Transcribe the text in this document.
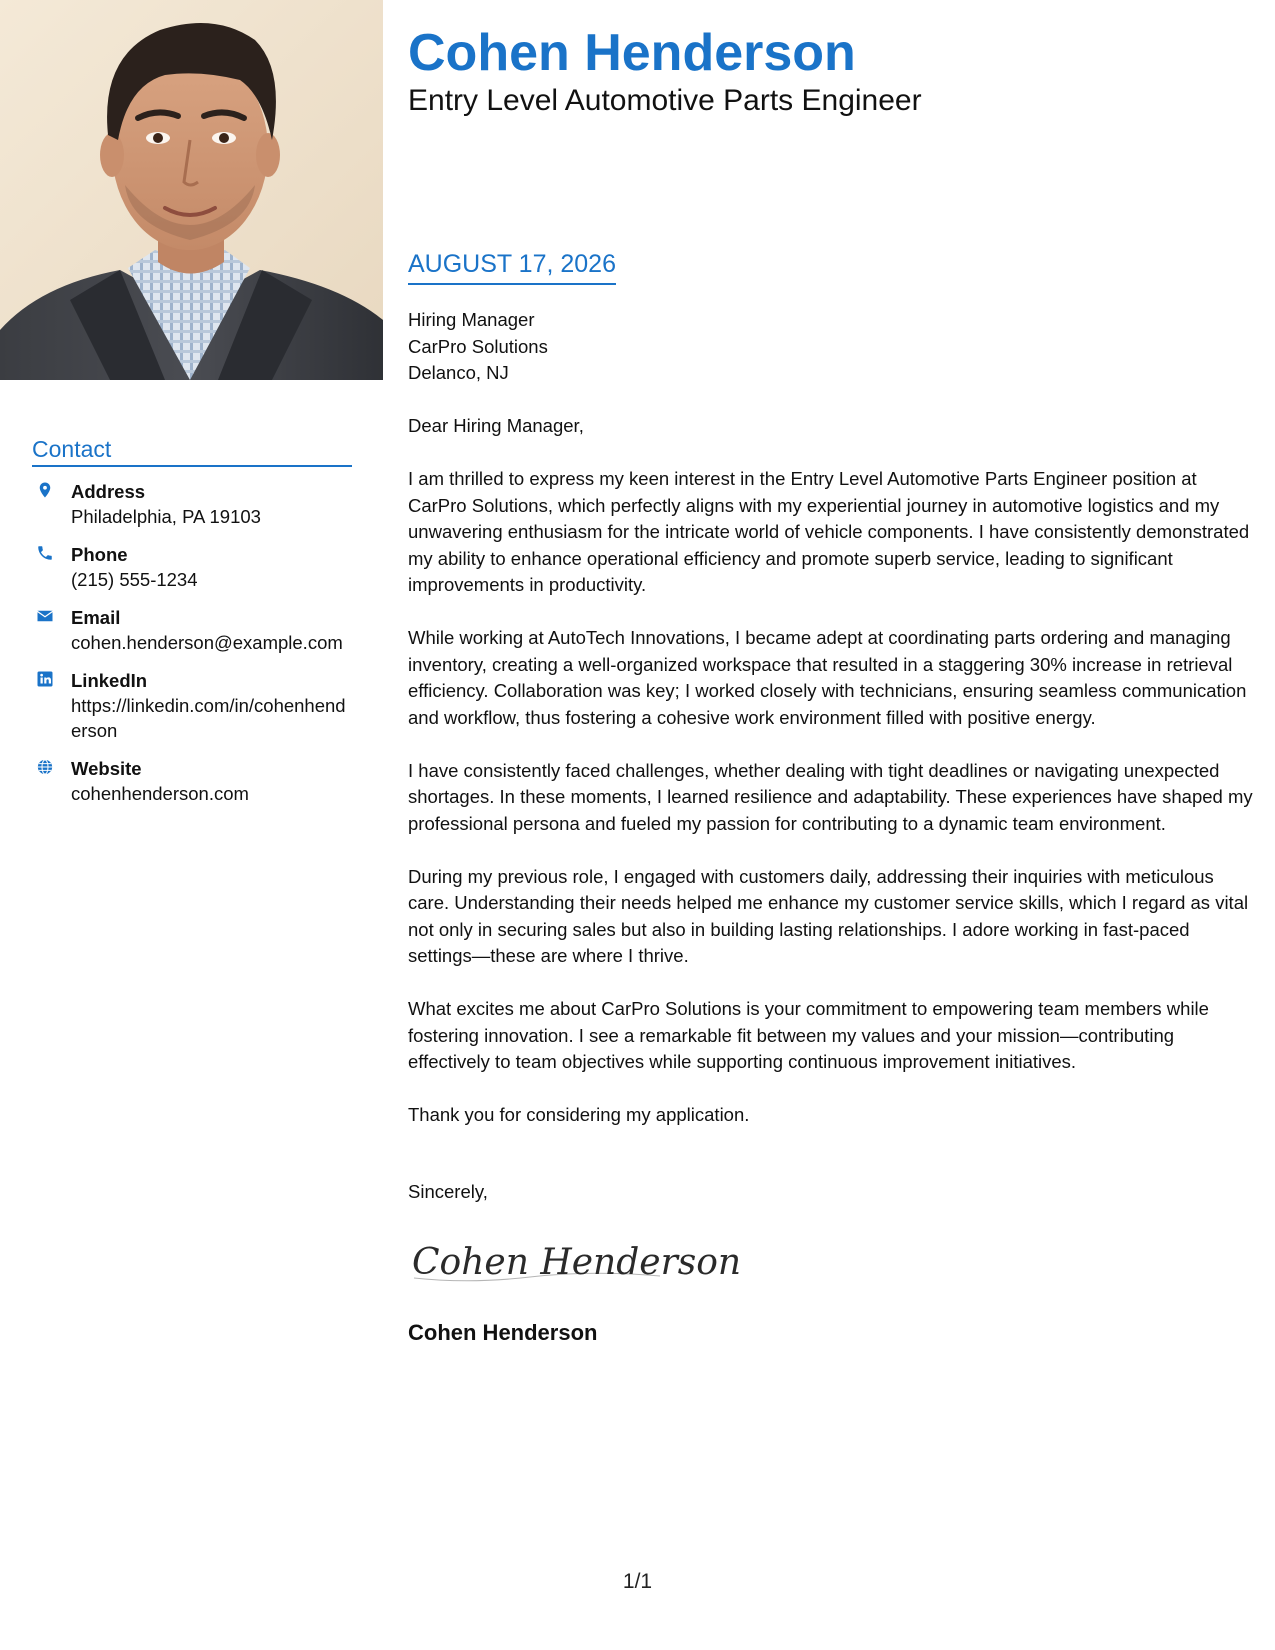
Contact
Address
Philadelphia, PA 19103
Phone
(215) 555-1234
Email
cohen.henderson@example.com
LinkedIn
https://linkedin.com/in/cohenhenderson
Website
cohenhenderson.com
Cohen Henderson
Entry Level Automotive Parts Engineer
AUGUST 17, 2026
Hiring Manager
CarPro Solutions
Delanco, NJ

Dear Hiring Manager,

I am thrilled to express my keen interest in the Entry Level Automotive Parts Engineer position at CarPro Solutions, which perfectly aligns with my experiential journey in automotive logistics and my unwavering enthusiasm for the intricate world of vehicle components. I have consistently demonstrated my ability to enhance operational efficiency and promote superb service, leading to significant improvements in productivity.

While working at AutoTech Innovations, I became adept at coordinating parts ordering and managing inventory, creating a well-organized workspace that resulted in a staggering 30% increase in retrieval efficiency. Collaboration was key; I worked closely with technicians, ensuring seamless communication and workflow, thus fostering a cohesive work environment filled with positive energy.

I have consistently faced challenges, whether dealing with tight deadlines or navigating unexpected shortages. In these moments, I learned resilience and adaptability. These experiences have shaped my professional persona and fueled my passion for contributing to a dynamic team environment.

During my previous role, I engaged with customers daily, addressing their inquiries with meticulous care. Understanding their needs helped me enhance my customer service skills, which I regard as vital not only in securing sales but also in building lasting relationships. I adore working in fast-paced settings—these are where I thrive.

What excites me about CarPro Solutions is your commitment to empowering team members while fostering innovation. I see a remarkable fit between my values and your mission—contributing effectively to team objectives while supporting continuous improvement initiatives.

Thank you for considering my application.

Sincerely,
Cohen Henderson
Cohen Henderson
1/1
